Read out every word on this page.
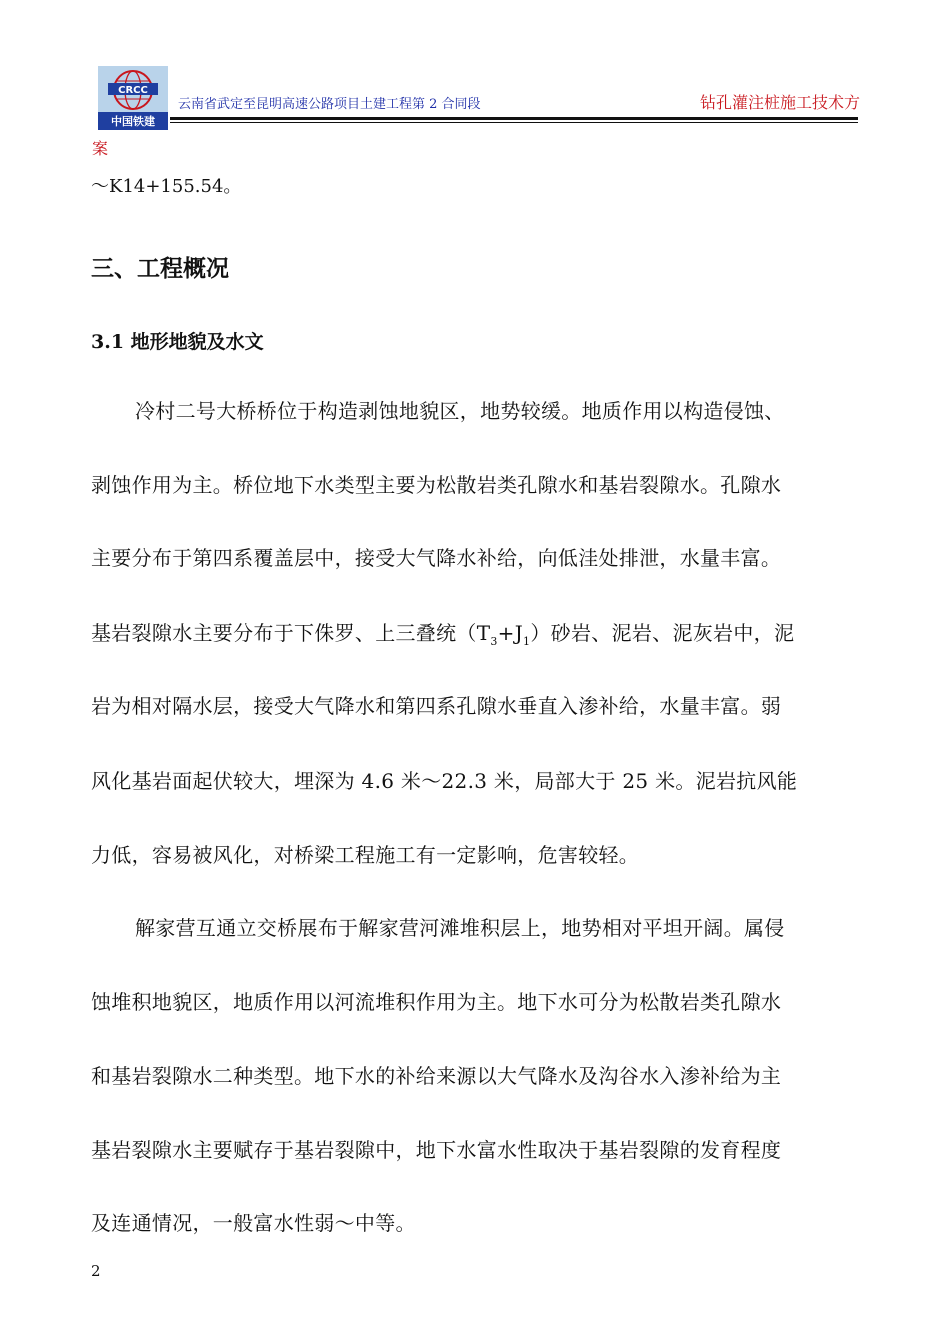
CRCC
中国铁建
云南省武定至昆明高速公路项目土建工程第 2 合同段	钻孔灌注桩施工技术方
案
～K14+155.54。
三、工程概况
3.1 地形地貌及水文
冷村二号大桥桥位于构造剥蚀地貌区，地势较缓。地质作用以构造侵蚀、
剥蚀作用为主。桥位地下水类型主要为松散岩类孔隙水和基岩裂隙水。孔隙水
主要分布于第四系覆盖层中，接受大气降水补给，向低洼处排泄，水量丰富。
基岩裂隙水主要分布于下侏罗、上三叠统$(T_3+J_1)$砂岩、泥岩、泥灰岩中，泥
岩为相对隔水层，接受大气降水和第四系孔隙水垂直入渗补给，水量丰富。弱
风化基岩面起伏较大，埋深为 4.6 米～22.3 米，局部大于 25 米。泥岩抗风能
力低，容易被风化，对桥梁工程施工有一定影响，危害较轻。
解家营互通立交桥展布于解家营河滩堆积层上，地势相对平坦开阔。属侵
蚀堆积地貌区，地质作用以河流堆积作用为主。地下水可分为松散岩类孔隙水
和基岩裂隙水二种类型。地下水的补给来源以大气降水及沟谷水入渗补给为主
基岩裂隙水主要赋存于基岩裂隙中，地下水富水性取决于基岩裂隙的发育程度
及连通情况，一般富水性弱～中等。
2
